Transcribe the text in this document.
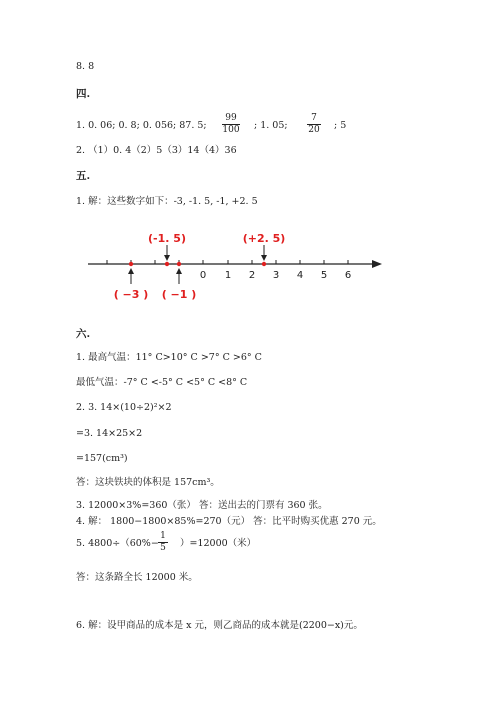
8. 8
四.
1. 0. 06; 0. 8; 0. 056; 87. 5; $\frac{99}{100}$ ; 1. 05; $\frac{7}{20}$ ; 5
2. （1）0. 4（2）5（3）14（4）36
五.
1. 解：这些数字如下：-3, -1. 5, -1, +2. 5
0 1 2 3 4 5 6
(-1. 5)	(+2. 5)
( −3 ) ( −1 )
六.
1. 最高气温：11° C>10° C >7° C >6° C
最低气温：-7° C <-5° C <5° C <8° C
2. 3. 14×(10÷2)²×2
=3. 14×25×2
=157(cm³)
答：这块铁块的体积是 157cm³。
3. 12000×3%=360（张） 答：送出去的门票有 360 张。
4. 解： 1800−1800×85%=270（元） 答：比平时购买优惠 270 元。
5. $4800\div(60\%- \frac{1}{5} )=12000$（米）
答：这条路全长 12000 米。
6. 解：设甲商品的成本是 x 元，则乙商品的成本就是(2200−x)元。
